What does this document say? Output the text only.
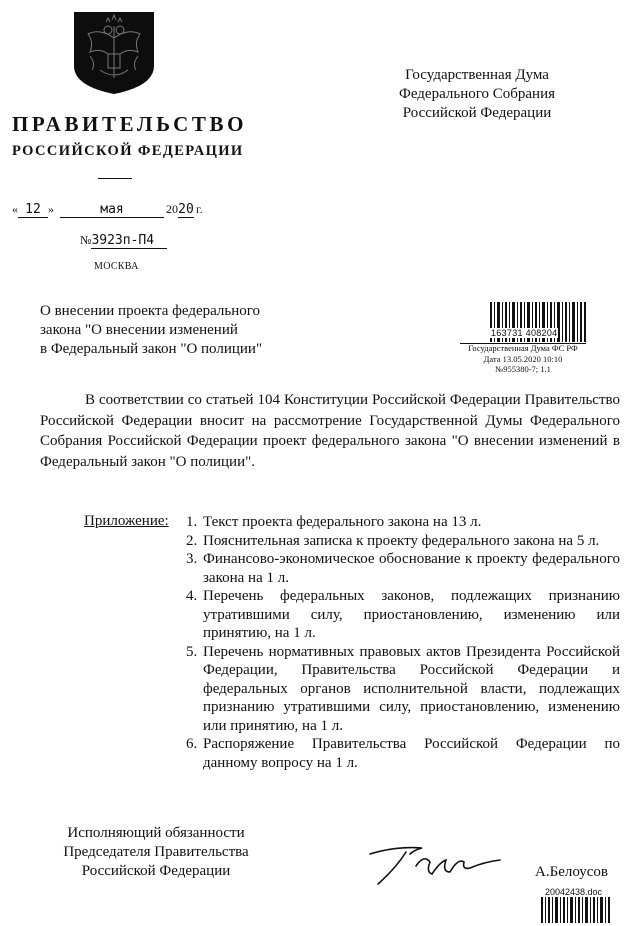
ПРАВИТЕЛЬСТВО
РОССИЙСКОЙ ФЕДЕРАЦИИ
Государственная Дума
Федерального Собрания
Российской Федерации
« 12 »	мая	2020 г.
№3923п-П4
МОСКВА
О внесении проекта федерального
закона "О внесении изменений
в Федеральный закон "О полиции"
163731 408204
Государственная Дума ФС РФ
Дата 13.05.2020 10:10
№955380-7; 1.1

В соответствии со статьей 104 Конституции Российской Федерации Правительство Российской Федерации вносит на рассмотрение Государственной Думы Федерального Собрания Российской Федерации проект федерального закона "О внесении изменений в Федеральный закон "О полиции".

Приложение: 1. Текст проекта федерального закона на 13 л.
2. Пояснительная записка к проекту федерального закона на 5 л.
3. Финансово-экономическое обоснование к проекту федерального закона на 1 л.
4. Перечень федеральных законов, подлежащих признанию утратившими силу, приостановлению, изменению или принятию, на 1 л.
5. Перечень нормативных правовых актов Президента Российской Федерации, Правительства Российской Федерации и федеральных органов исполнительной власти, подлежащих признанию утратившими силу, приостановлению, изменению или принятию, на 1 л.
6. Распоряжение Правительства Российской Федерации по данному вопросу на 1 л.
Исполняющий обязанности
Председателя Правительства
Российской Федерации	А.Белоусов
20042438.doc
